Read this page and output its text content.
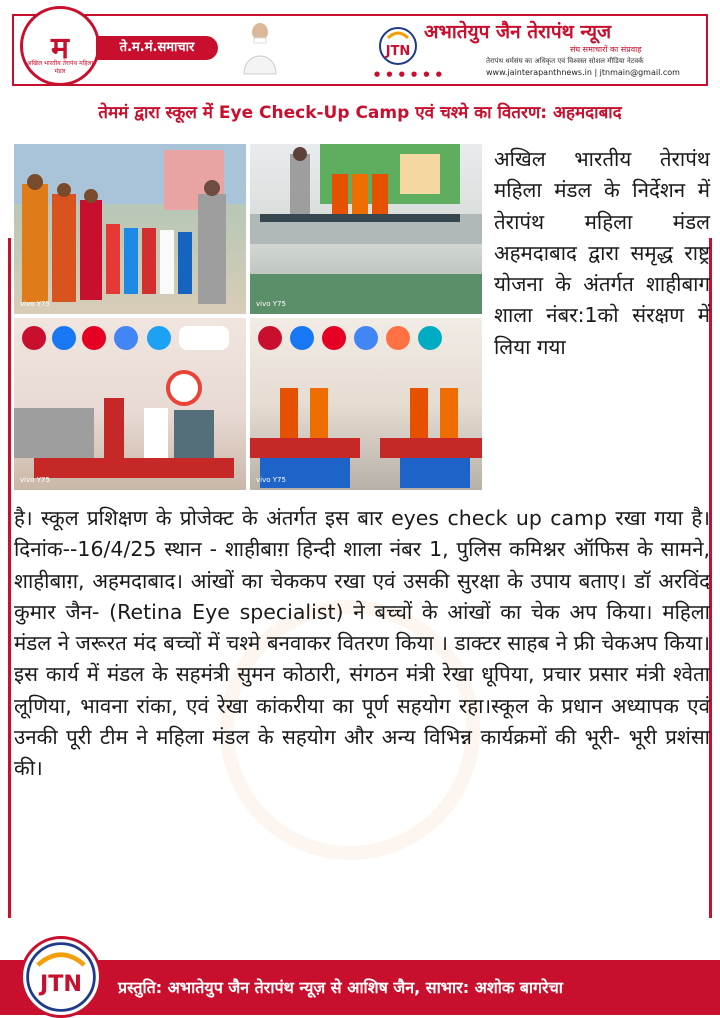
म
अखिल भारतीय तेरापंथ महिला मंडल
ते.म.मं.समाचार	JTN
अभातेयुप जैन तेरापंथ न्यूज
संघ समाचारों का संप्रवाह
तेरापंथ धर्मसंघ का अधिकृत एवं विश्वस्त सोशल मीडिया नेटवर्क
● ● ● ● ● ●	www.jainterapanthnews.in | jtnmain@gmail.com
तेममं द्वारा स्कूल में Eye Check-Up Camp एवं चश्मे का वितरण: अहमदाबाद
vivo Y75	vivo Y75
vivo Y75	vivo Y75
अखिल भारतीय तेरापंथ महिला मंडल के निर्देशन में तेरापंथ महिला मंडल अहमदाबाद द्वारा समृद्ध राष्ट्र योजना के अंतर्गत शाहीबाग शाला नंबर:1को संरक्षण में लिया गया
है। स्कूल प्रशिक्षण के प्रोजेक्ट के अंतर्गत इस बार eyes check up camp रखा गया है। दिनांक--16/4/25 स्थान - शाहीबाग़ हिन्दी शाला नंबर 1, पुलिस कमिश्नर ऑफिस के सामने, शाहीबाग़, अहमदाबाद। आंखों का चेककप रखा एवं उसकी सुरक्षा के उपाय बताए। डॉ अरविंद कुमार जैन- (Retina Eye specialist) ने बच्चों के आंखों का चेक अप किया। महिला मंडल ने जरूरत मंद बच्चों में चश्मे बनवाकर वितरण किया । डाक्टर साहब ने फ्री चेकअप किया। इस कार्य में मंडल के सहमंत्री सुमन कोठारी, संगठन मंत्री रेखा धूपिया, प्रचार प्रसार मंत्री श्वेता लूणिया, भावना रांका, एवं रेखा कांकरीया का पूर्ण सहयोग रहा।स्कूल के प्रधान अध्यापक एवं उनकी पूरी टीम ने महिला मंडल के सहयोग और अन्य विभिन्न कार्यक्रमों की भूरी- भूरी प्रशंसा की।
JTN प्रस्तुति: अभातेयुप जैन तेरापंथ न्यूज़ से आशिष जैन, साभार: अशोक बागरेचा
